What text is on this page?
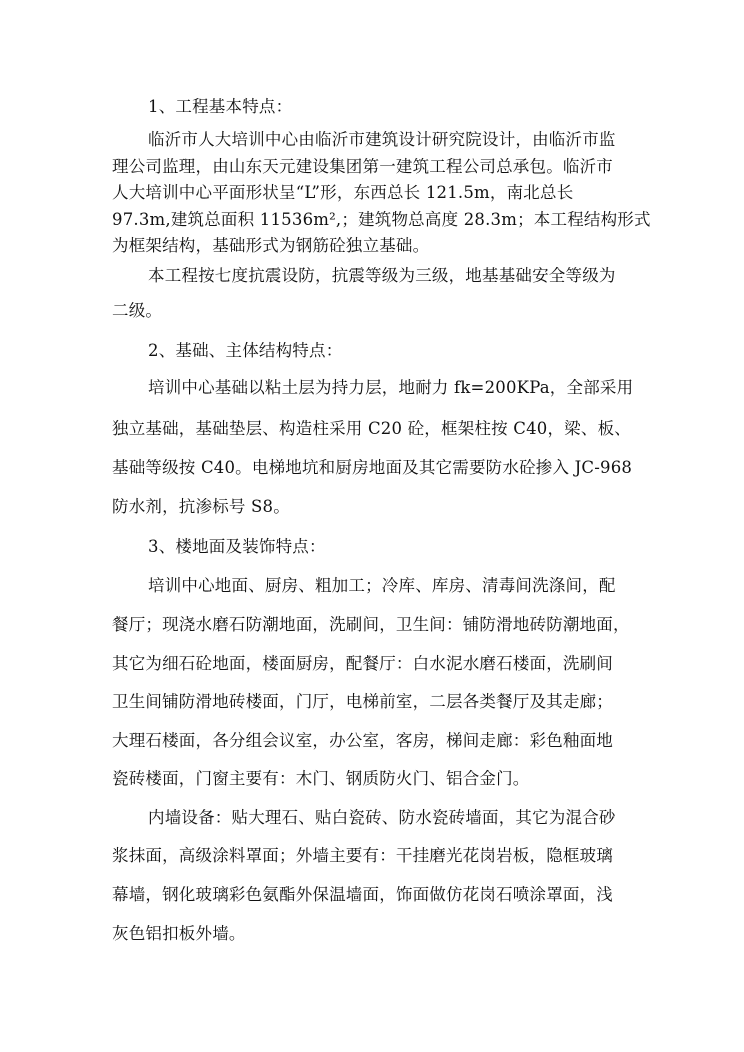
1、工程基本特点：
临沂市人大培训中心由临沂市建筑设计研究院设计，由临沂市监
理公司监理，由山东天元建设集团第一建筑工程公司总承包。临沂市
人大培训中心平面形状呈“L”形，东西总长 121.5m，南北总长
97.3m,建筑总面积 11536m²,；建筑物总高度 28.3m；本工程结构形式
为框架结构，基础形式为钢筋砼独立基础。
本工程按七度抗震设防，抗震等级为三级，地基基础安全等级为
二级。
2、基础、主体结构特点：
培训中心基础以粘土层为持力层，地耐力 fk=200KPa，全部采用
独立基础，基础垫层、构造柱采用 C20 砼，框架柱按 C40，梁、板、
基础等级按 C40。电梯地坑和厨房地面及其它需要防水砼掺入 JC-968
防水剂，抗渗标号 S8。
3、楼地面及装饰特点：
培训中心地面、厨房、粗加工；冷库、库房、清毒间洗涤间，配
餐厅；现浇水磨石防潮地面，洗刷间，卫生间：铺防滑地砖防潮地面，
其它为细石砼地面，楼面厨房，配餐厅：白水泥水磨石楼面，洗刷间
卫生间铺防滑地砖楼面，门厅，电梯前室，二层各类餐厅及其走廊；
大理石楼面，各分组会议室，办公室，客房，梯间走廊：彩色釉面地
瓷砖楼面，门窗主要有：木门、钢质防火门、铝合金门。
内墙设备：贴大理石、贴白瓷砖、防水瓷砖墙面，其它为混合砂
浆抹面，高级涂料罩面；外墙主要有：干挂磨光花岗岩板，隐框玻璃
幕墙，钢化玻璃彩色氨酯外保温墙面，饰面做仿花岗石喷涂罩面，浅
灰色铝扣板外墙。
